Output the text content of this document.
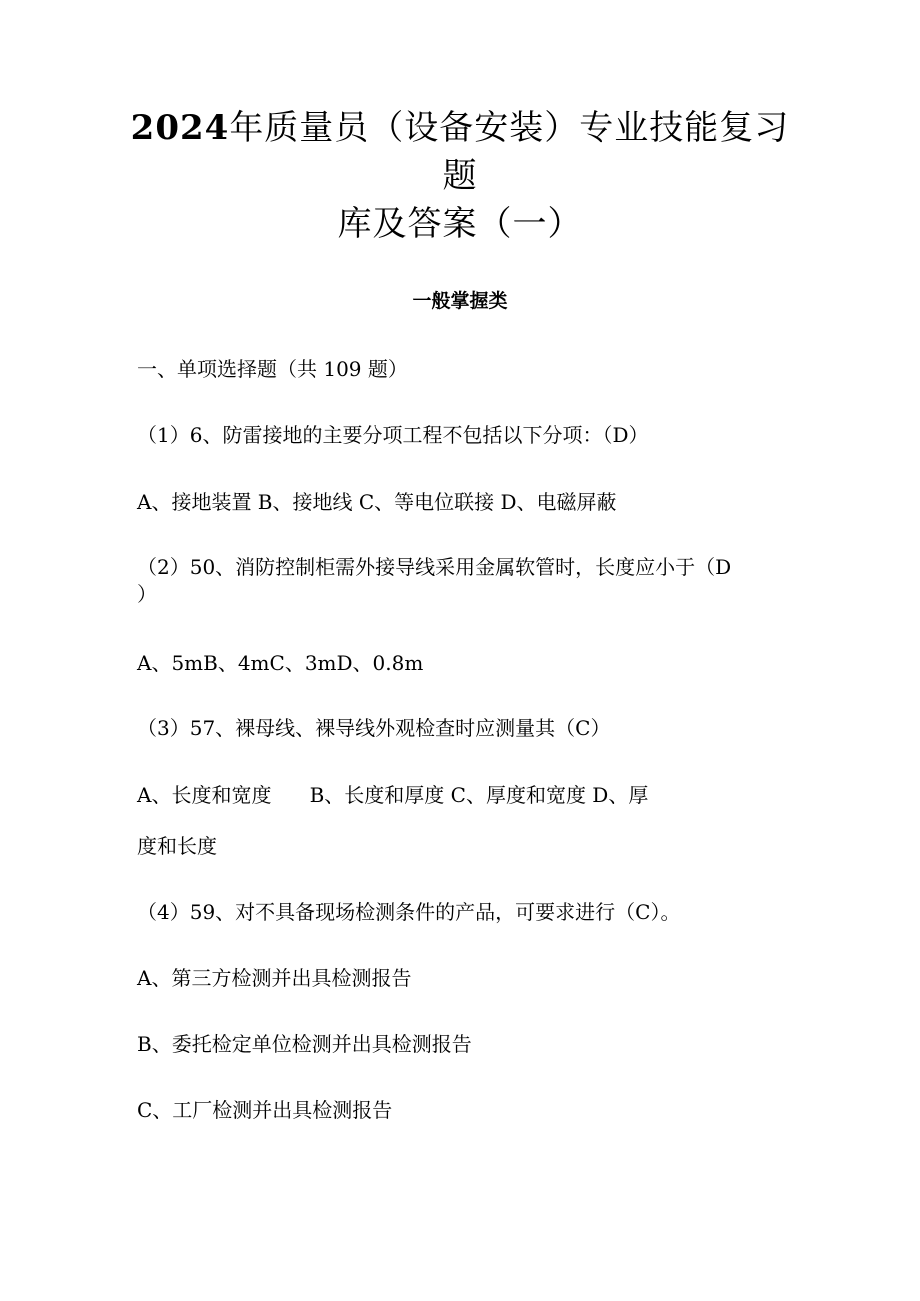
2024年质量员（设备安装）专业技能复习
题
库及答案（一）
一般掌握类
一、单项选择题（共 109 题）
（1）6、防雷接地的主要分项工程不包括以下分项：（D）
A、接地装置 B、接地线 C、等电位联接 D、电磁屏蔽
（2）50、消防控制柜需外接导线采用金属软管时，长度应小于（D
）
A、5mB、4mC、3mD、0.8m
（3）57、裸母线、裸导线外观检查时应测量其（C）
A、长度和宽度      B、长度和厚度 C、厚度和宽度 D、厚
度和长度
（4）59、对不具备现场检测条件的产品，可要求进行（C）。
A、第三方检测并出具检测报告
B、委托检定单位检测并出具检测报告
C、工厂检测并出具检测报告
